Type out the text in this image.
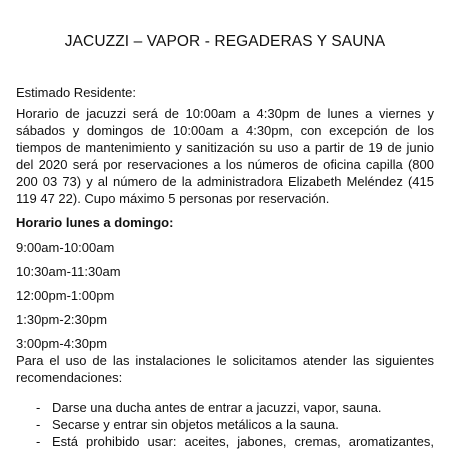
JACUZZI – VAPOR - REGADERAS Y SAUNA
Estimado Residente:
Horario de jacuzzi será de 10:00am a 4:30pm de lunes a viernes y sábados y domingos de 10:00am a 4:30pm, con excepción de los tiempos de mantenimiento y sanitización su uso a partir de 19 de junio del 2020 será por reservaciones a los números de oficina capilla (800 200 03 73) y al número de la administradora Elizabeth Meléndez (415 119 47 22). Cupo máximo 5 personas por reservación.
Horario lunes a domingo:
9:00am-10:00am
10:30am-11:30am
12:00pm-1:00pm
1:30pm-2:30pm
3:00pm-4:30pm
Para el uso de las instalaciones le solicitamos atender las siguientes recomendaciones:
- Darse una ducha antes de entrar a jacuzzi, vapor, sauna.
- Secarse y entrar sin objetos metálicos a la sauna.
- Está prohibido usar: aceites, jabones, cremas, aromatizantes,
